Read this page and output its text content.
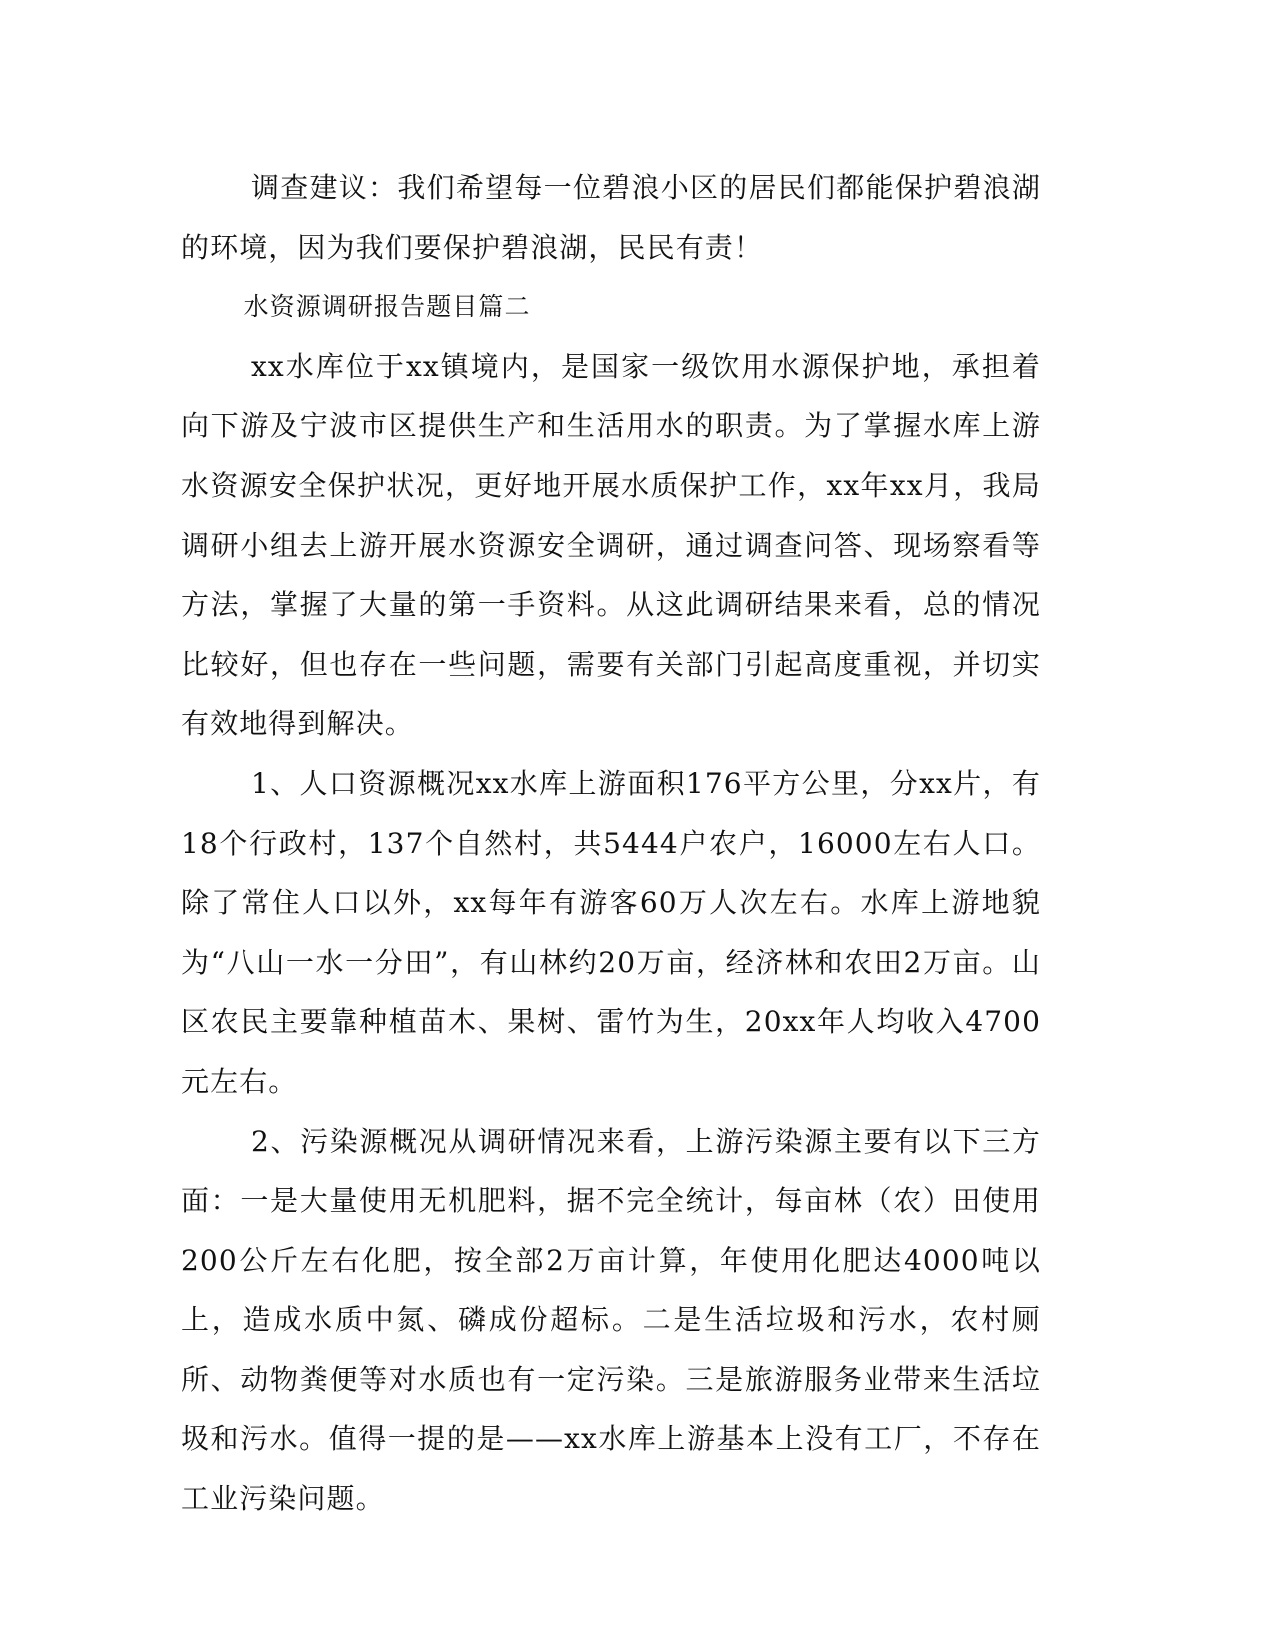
调查建议：我们希望每一位碧浪小区的居民们都能保护碧浪湖的环境，因为我们要保护碧浪湖，民民有责！

水资源调研报告题目篇二

xx水库位于xx镇境内，是国家一级饮用水源保护地，承担着向下游及宁波市区提供生产和生活用水的职责。为了掌握水库上游水资源安全保护状况，更好地开展水质保护工作，xx年xx月，我局调研小组去上游开展水资源安全调研，通过调查问答、现场察看等方法，掌握了大量的第一手资料。从这此调研结果来看，总的情况比较好，但也存在一些问题，需要有关部门引起高度重视，并切实有效地得到解决。

1、人口资源概况xx水库上游面积176平方公里，分xx片，有18个行政村，137个自然村，共5444户农户，16000左右人口。除了常住人口以外，xx每年有游客60万人次左右。水库上游地貌为“八山一水一分田”，有山林约20万亩，经济林和农田2万亩。山区农民主要靠种植苗木、果树、雷竹为生，20xx年人均收入4700元左右。

2、污染源概况从调研情况来看，上游污染源主要有以下三方面：一是大量使用无机肥料，据不完全统计，每亩林（农）田使用200公斤左右化肥，按全部2万亩计算，年使用化肥达4000吨以上，造成水质中氮、磷成份超标。二是生活垃圾和污水，农村厕所、动物粪便等对水质也有一定污染。三是旅游服务业带来生活垃圾和污水。值得一提的是——xx水库上游基本上没有工厂，不存在工业污染问题。
